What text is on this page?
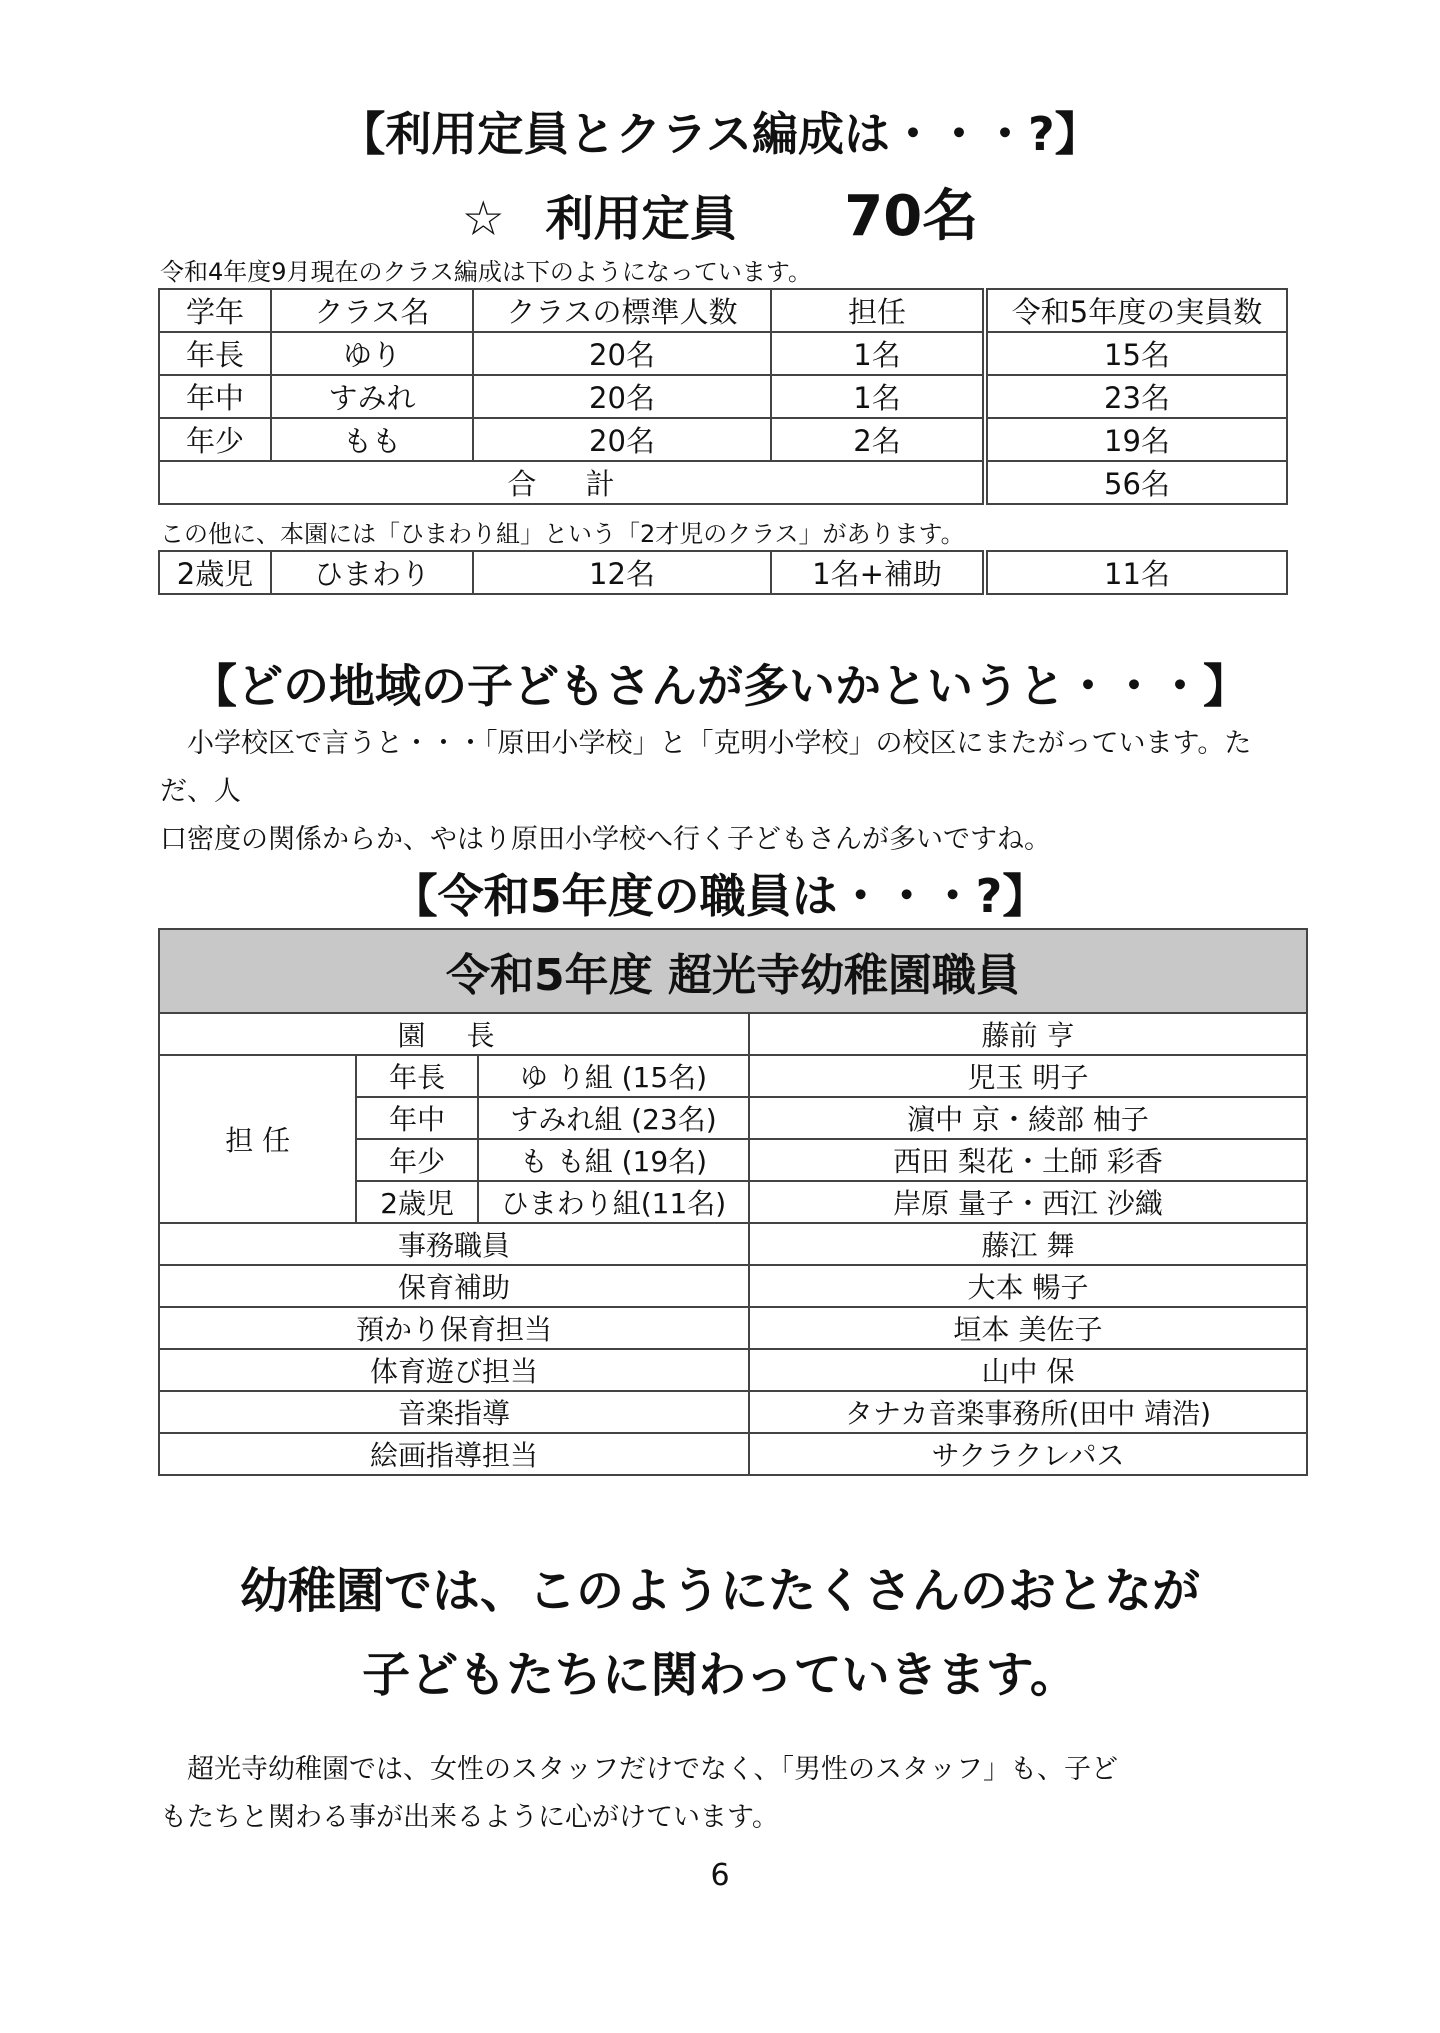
【利用定員とクラス編成は・・・?】
☆ 利用定員 70名
令和4年度9月現在のクラス編成は下のようになっています。
学年	クラス名	クラスの標準人数	担任	令和5年度の実員数
年長	ゆり	20名	1名	15名
年中	すみれ	20名	1名	23名
年少	もも	20名	2名	19名
合 計				56名
この他に、本園には「ひまわり組」という「2才児のクラス」があります。
2歳児	ひまわり	12名	1名+補助	11名
【どの地域の子どもさんが多いかというと・・・】
小学校区で言うと・・・「原田小学校」と「克明小学校」の校区にまたがっています。ただ、人
口密度の関係からか、やはり原田小学校へ行く子どもさんが多いですね。
【令和5年度の職員は・・・?】
令和5年度 超光寺幼稚園職員			
園 長			藤前 亨
担 任	年長	ゆ り組 (15名)	児玉 明子
	年中	すみれ組 (23名)	濵中 京・綾部 柚子
	年少	も も組 (19名)	西田 梨花・土師 彩香
	2歳児	ひまわり組(11名)	岸原 量子・西江 沙織
事務職員			藤江 舞
保育補助			大本 暢子
預かり保育担当			垣本 美佐子
体育遊び担当			山中 保
音楽指導			タナカ音楽事務所(田中 靖浩)
絵画指導担当			サクラクレパス
幼稚園では、このようにたくさんのおとなが
子どもたちに関わっていきます。
超光寺幼稚園では、女性のスタッフだけでなく、「男性のスタッフ」も、子ど
もたちと関わる事が出来るように心がけています。
6
